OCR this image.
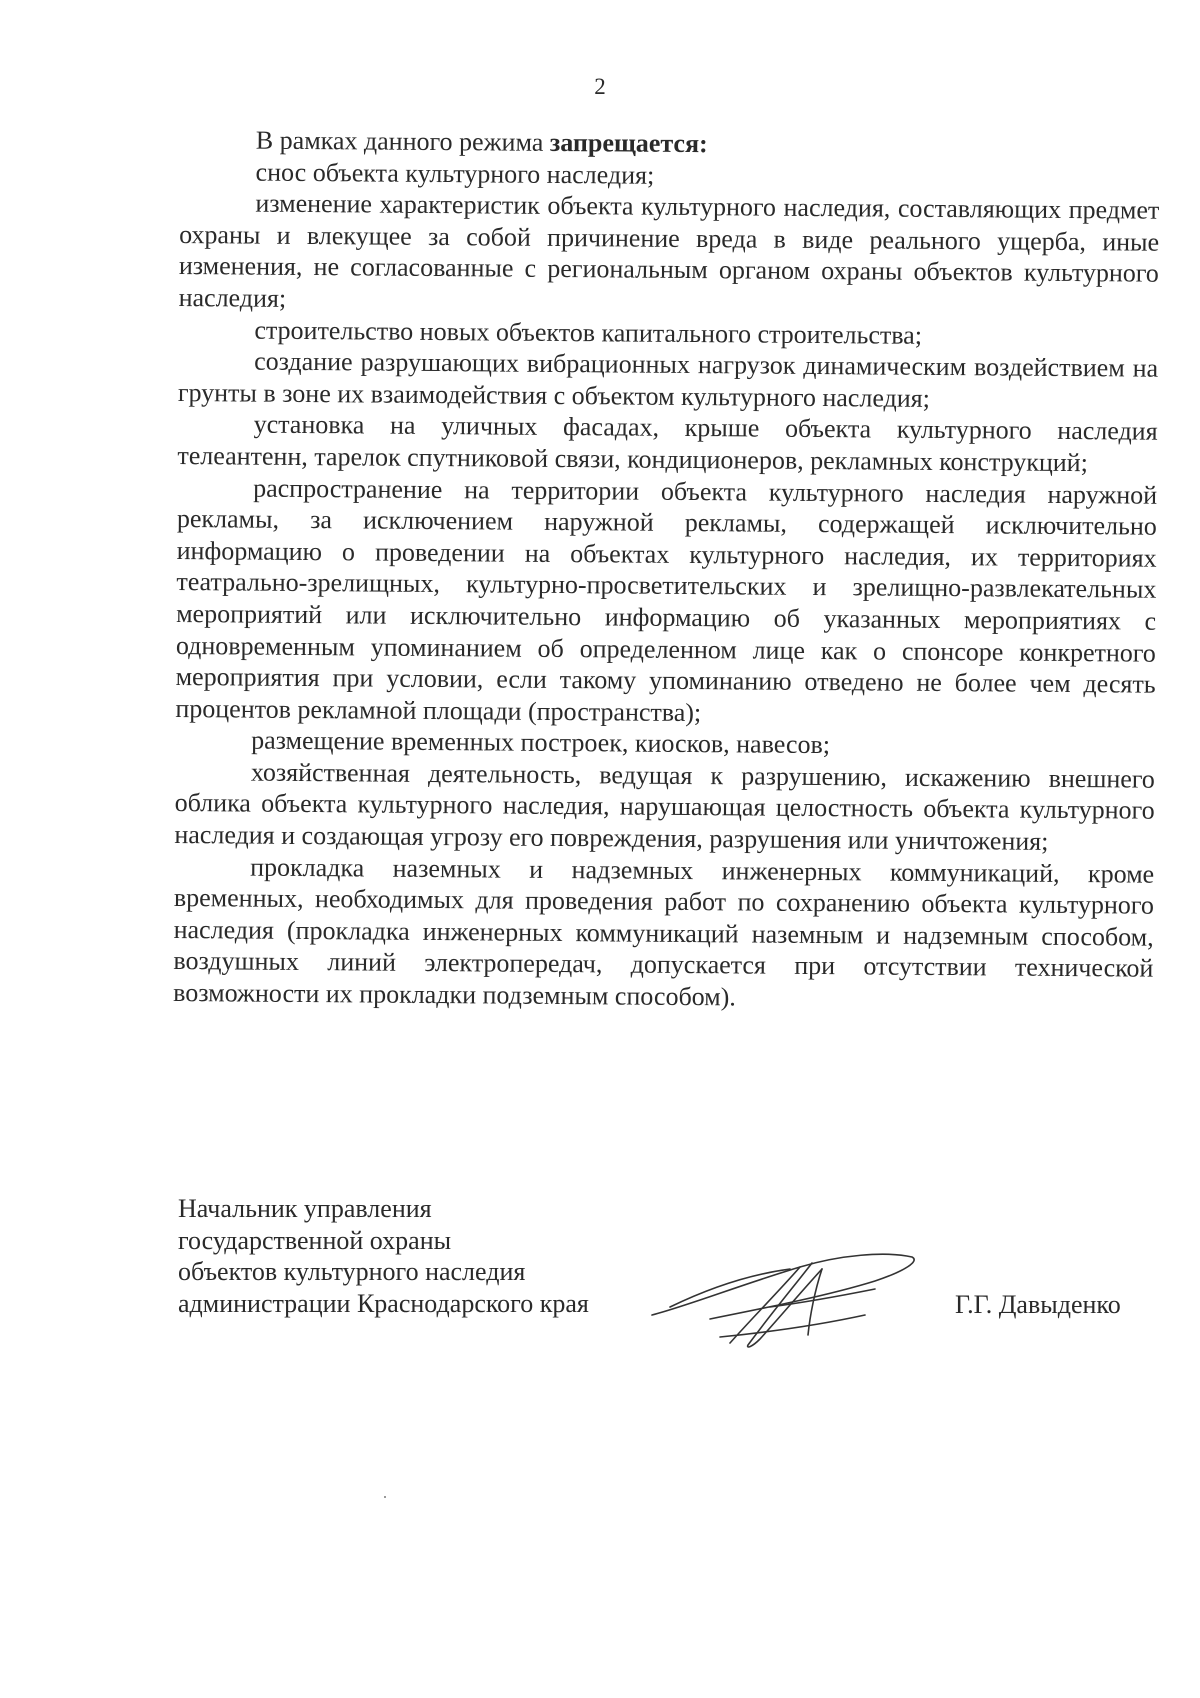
2

В рамках данного режима запрещается:

снос объекта культурного наследия;

изменение характеристик объекта культурного наследия, составляющих предмет охраны и влекущее за собой причинение вреда в виде реального ущерба, иные изменения, не согласованные с региональным органом охраны объектов культурного наследия;

строительство новых объектов капитального строительства;

создание разрушающих вибрационных нагрузок динамическим воздействием на грунты в зоне их взаимодействия с объектом культурного наследия;

установка на уличных фасадах, крыше объекта культурного наследия телеантенн, тарелок спутниковой связи, кондиционеров, рекламных конструкций;

распространение на территории объекта культурного наследия наружной рекламы, за исключением наружной рекламы, содержащей исключительно информацию о проведении на объектах культурного наследия, их территориях театрально-зрелищных, культурно-просветительских и зрелищно-развлекательных мероприятий или исключительно информацию об указанных мероприятиях с одновременным упоминанием об определенном лице как о спонсоре конкретного мероприятия при условии, если такому упоминанию отведено не более чем десять процентов рекламной площади (пространства);

размещение временных построек, киосков, навесов;

хозяйственная деятельность, ведущая к разрушению, искажению внешнего облика объекта культурного наследия, нарушающая целостность объекта культурного наследия и создающая угрозу его повреждения, разрушения или уничтожения;

прокладка наземных и надземных инженерных коммуникаций, кроме временных, необходимых для проведения работ по сохранению объекта культурного наследия (прокладка инженерных коммуникаций наземным и надземным способом, воздушных линий электропередач, допускается при отсутствии технической возможности их прокладки подземным способом).

Начальник управления
государственной охраны
объектов культурного наследия
администрации Краснодарского края	Г.Г. Давыденко
